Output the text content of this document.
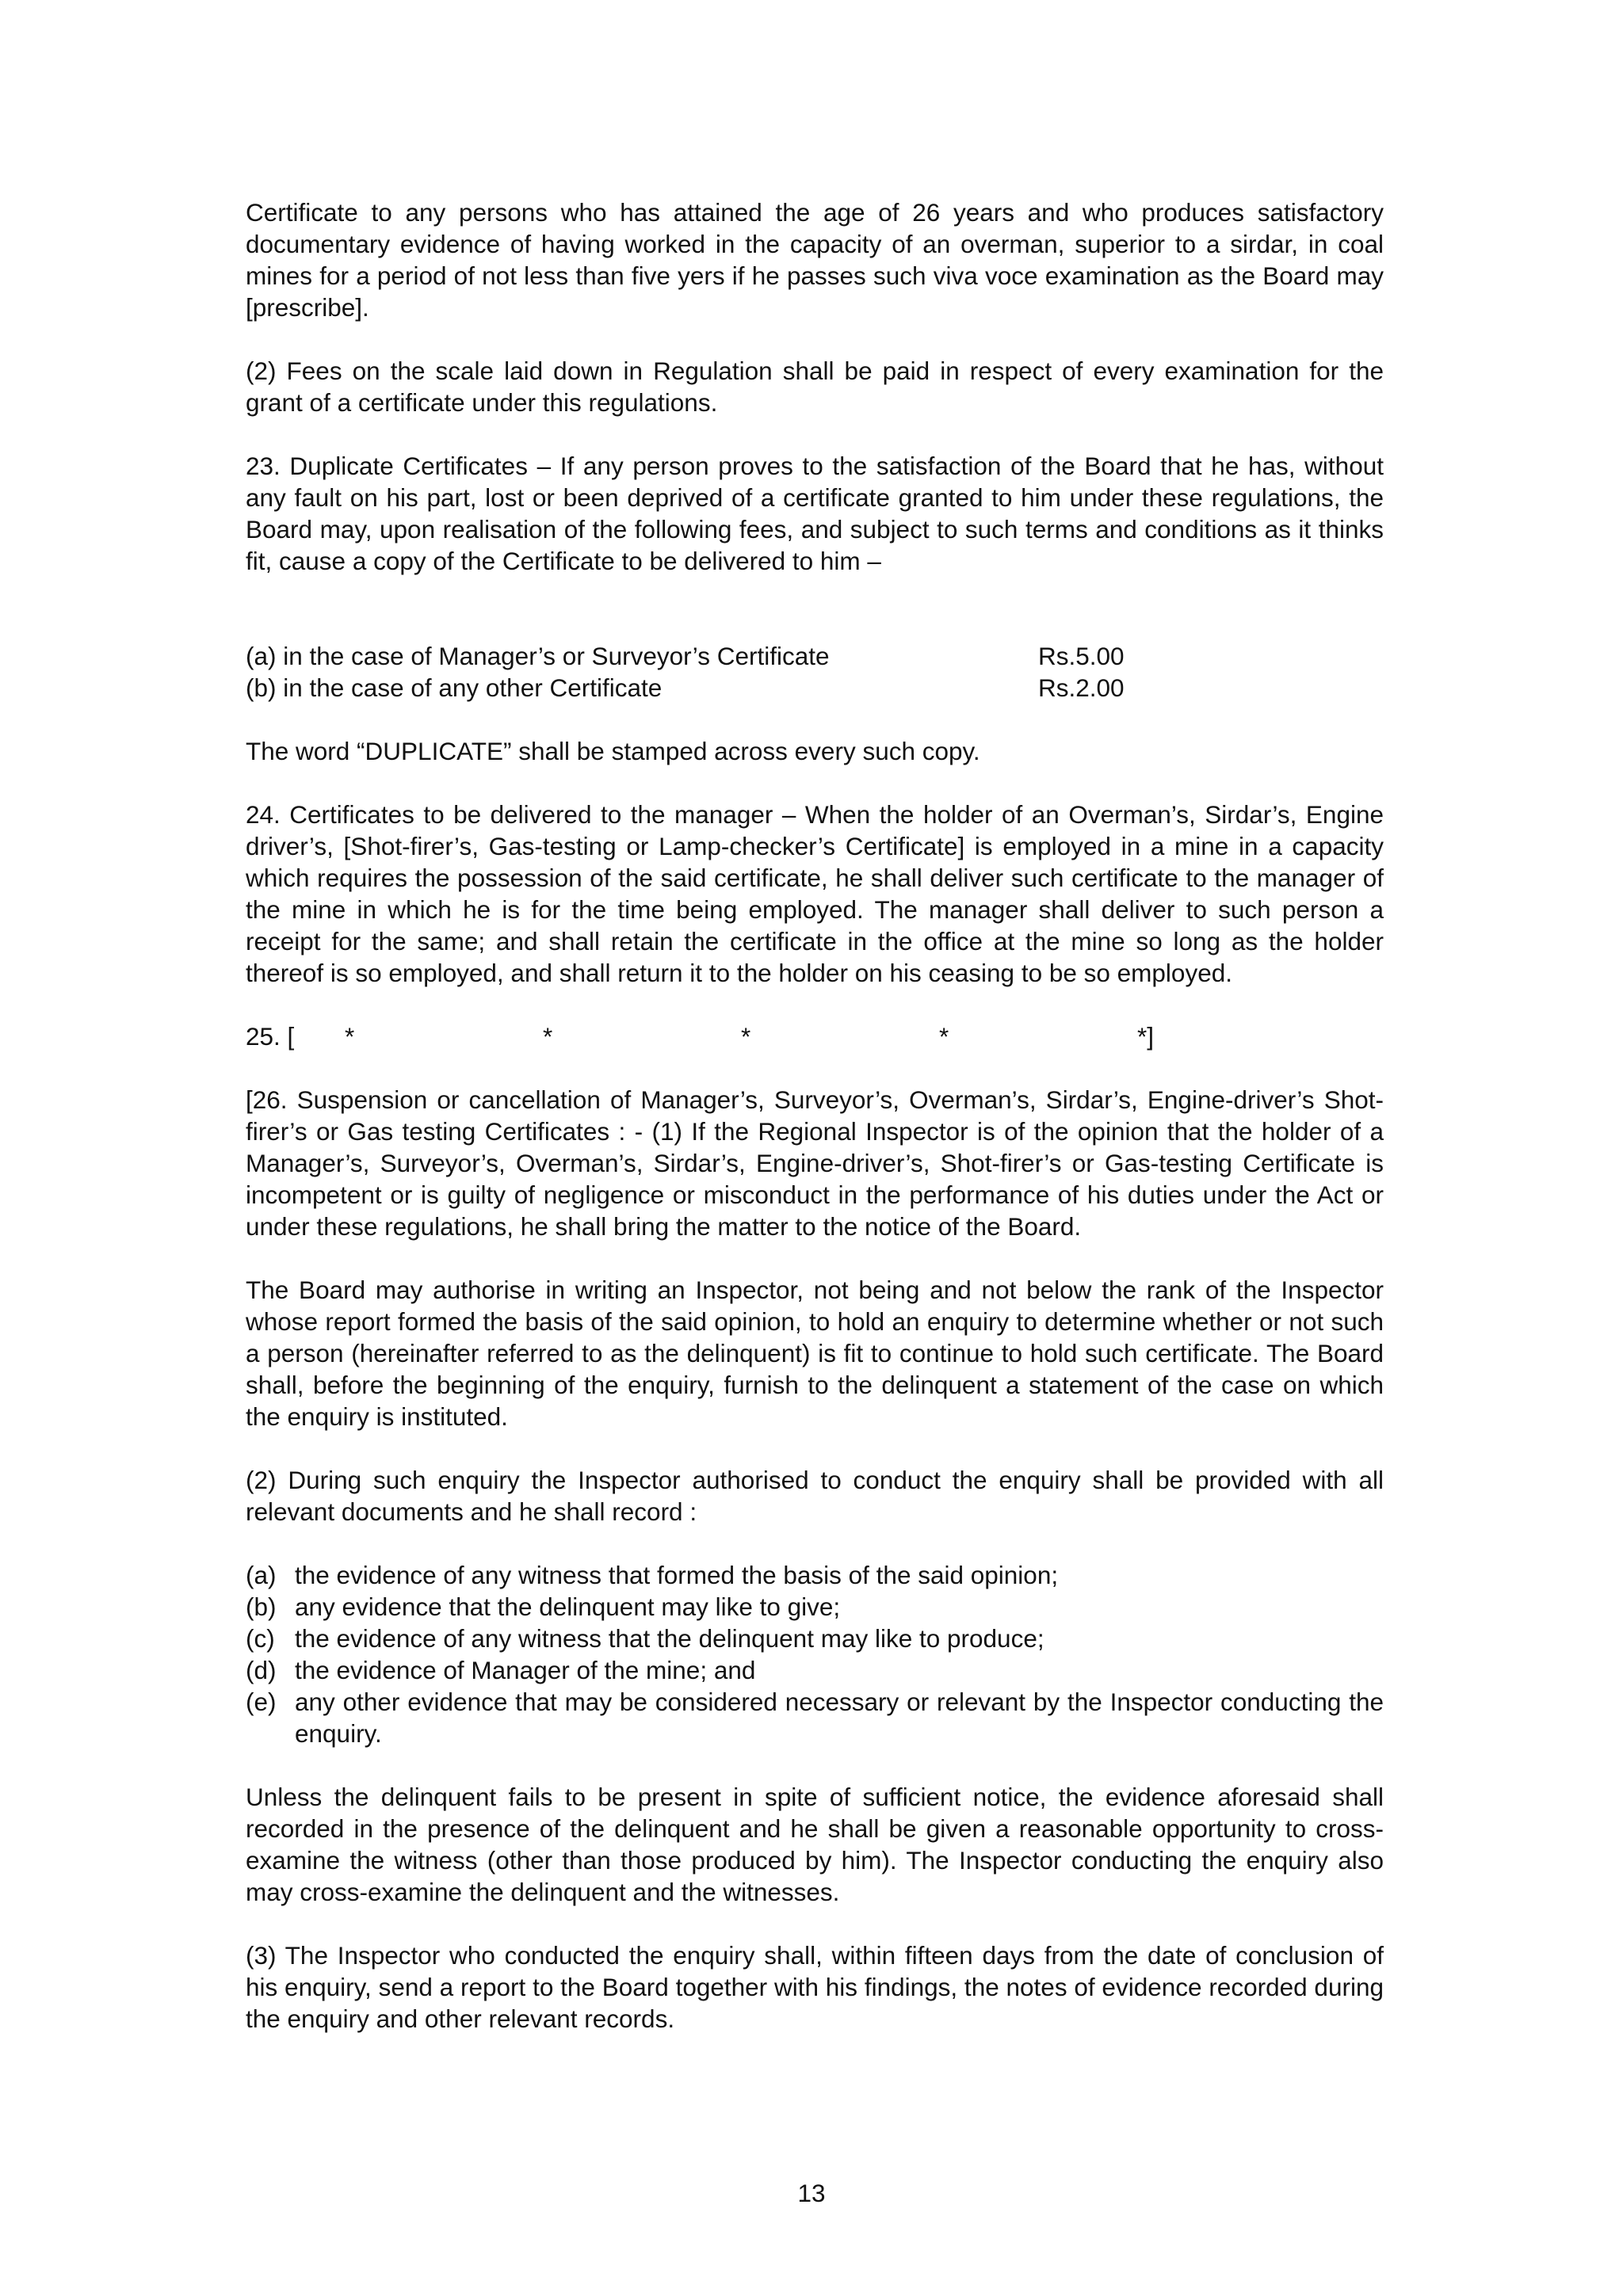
Certificate to any persons who has attained the age of 26 years and who produces satisfactory documentary evidence of having worked in the capacity of an overman, superior to a sirdar, in coal mines for a period of not less than five yers if he passes such viva voce examination as the Board may [prescribe].

(2) Fees on the scale laid down in Regulation shall be paid in respect of every examination for the grant of a certificate under this regulations.

23. Duplicate Certificates – If any person proves to the satisfaction of the Board that he has, without any fault on his part, lost or been deprived of a certificate granted to him under these regulations, the Board may, upon realisation of the following fees, and subject to such terms and conditions as it thinks fit, cause a copy of the Certificate to be delivered to him –

(a) in the case of Manager’s or Surveyor’s Certificate	Rs.5.00
(b) in the case of any other Certificate	Rs.2.00

The word “DUPLICATE” shall be stamped across every such copy.

24. Certificates to be delivered to the manager – When the holder of an Overman’s, Sirdar’s, Engine driver’s, [Shot-firer’s, Gas-testing or Lamp-checker’s Certificate] is employed in a mine in a capacity which requires the possession of the said certificate, he shall deliver such certificate to the manager of the mine in which he is for the time being employed. The manager shall deliver to such person a receipt for the same; and shall retain the certificate in the office at the mine so long as the holder thereof is so employed, and shall return it to the holder on his ceasing to be so employed.

25. [ *	*	*	*	*]

[26. Suspension or cancellation of Manager’s, Surveyor’s, Overman’s, Sirdar’s, Engine-driver’s Shot-firer’s or Gas testing Certificates : - (1) If the Regional Inspector is of the opinion that the holder of a Manager’s, Surveyor’s, Overman’s, Sirdar’s, Engine-driver’s, Shot-firer’s or Gas-testing Certificate is incompetent or is guilty of negligence or misconduct in the performance of his duties under the Act or under these regulations, he shall bring the matter to the notice of the Board.

The Board may authorise in writing an Inspector, not being and not below the rank of the Inspector whose report formed the basis of the said opinion, to hold an enquiry to determine whether or not such a person (hereinafter referred to as the delinquent) is fit to continue to hold such certificate. The Board shall, before the beginning of the enquiry, furnish to the delinquent a statement of the case on which the enquiry is instituted.

(2) During such enquiry the Inspector authorised to conduct the enquiry shall be provided with all relevant documents and he shall record :

(a) the evidence of any witness that formed the basis of the said opinion;
(b) any evidence that the delinquent may like to give;
(c) the evidence of any witness that the delinquent may like to produce;
(d) the evidence of Manager of the mine; and
(e) any other evidence that may be considered necessary or relevant by the Inspector conducting the enquiry.

Unless the delinquent fails to be present in spite of sufficient notice, the evidence aforesaid shall recorded in the presence of the delinquent and he shall be given a reasonable opportunity to cross-examine the witness (other than those produced by him). The Inspector conducting the enquiry also may cross-examine the delinquent and the witnesses.

(3) The Inspector who conducted the enquiry shall, within fifteen days from the date of conclusion of his enquiry, send a report to the Board together with his findings, the notes of evidence recorded during the enquiry and other relevant records.

13
